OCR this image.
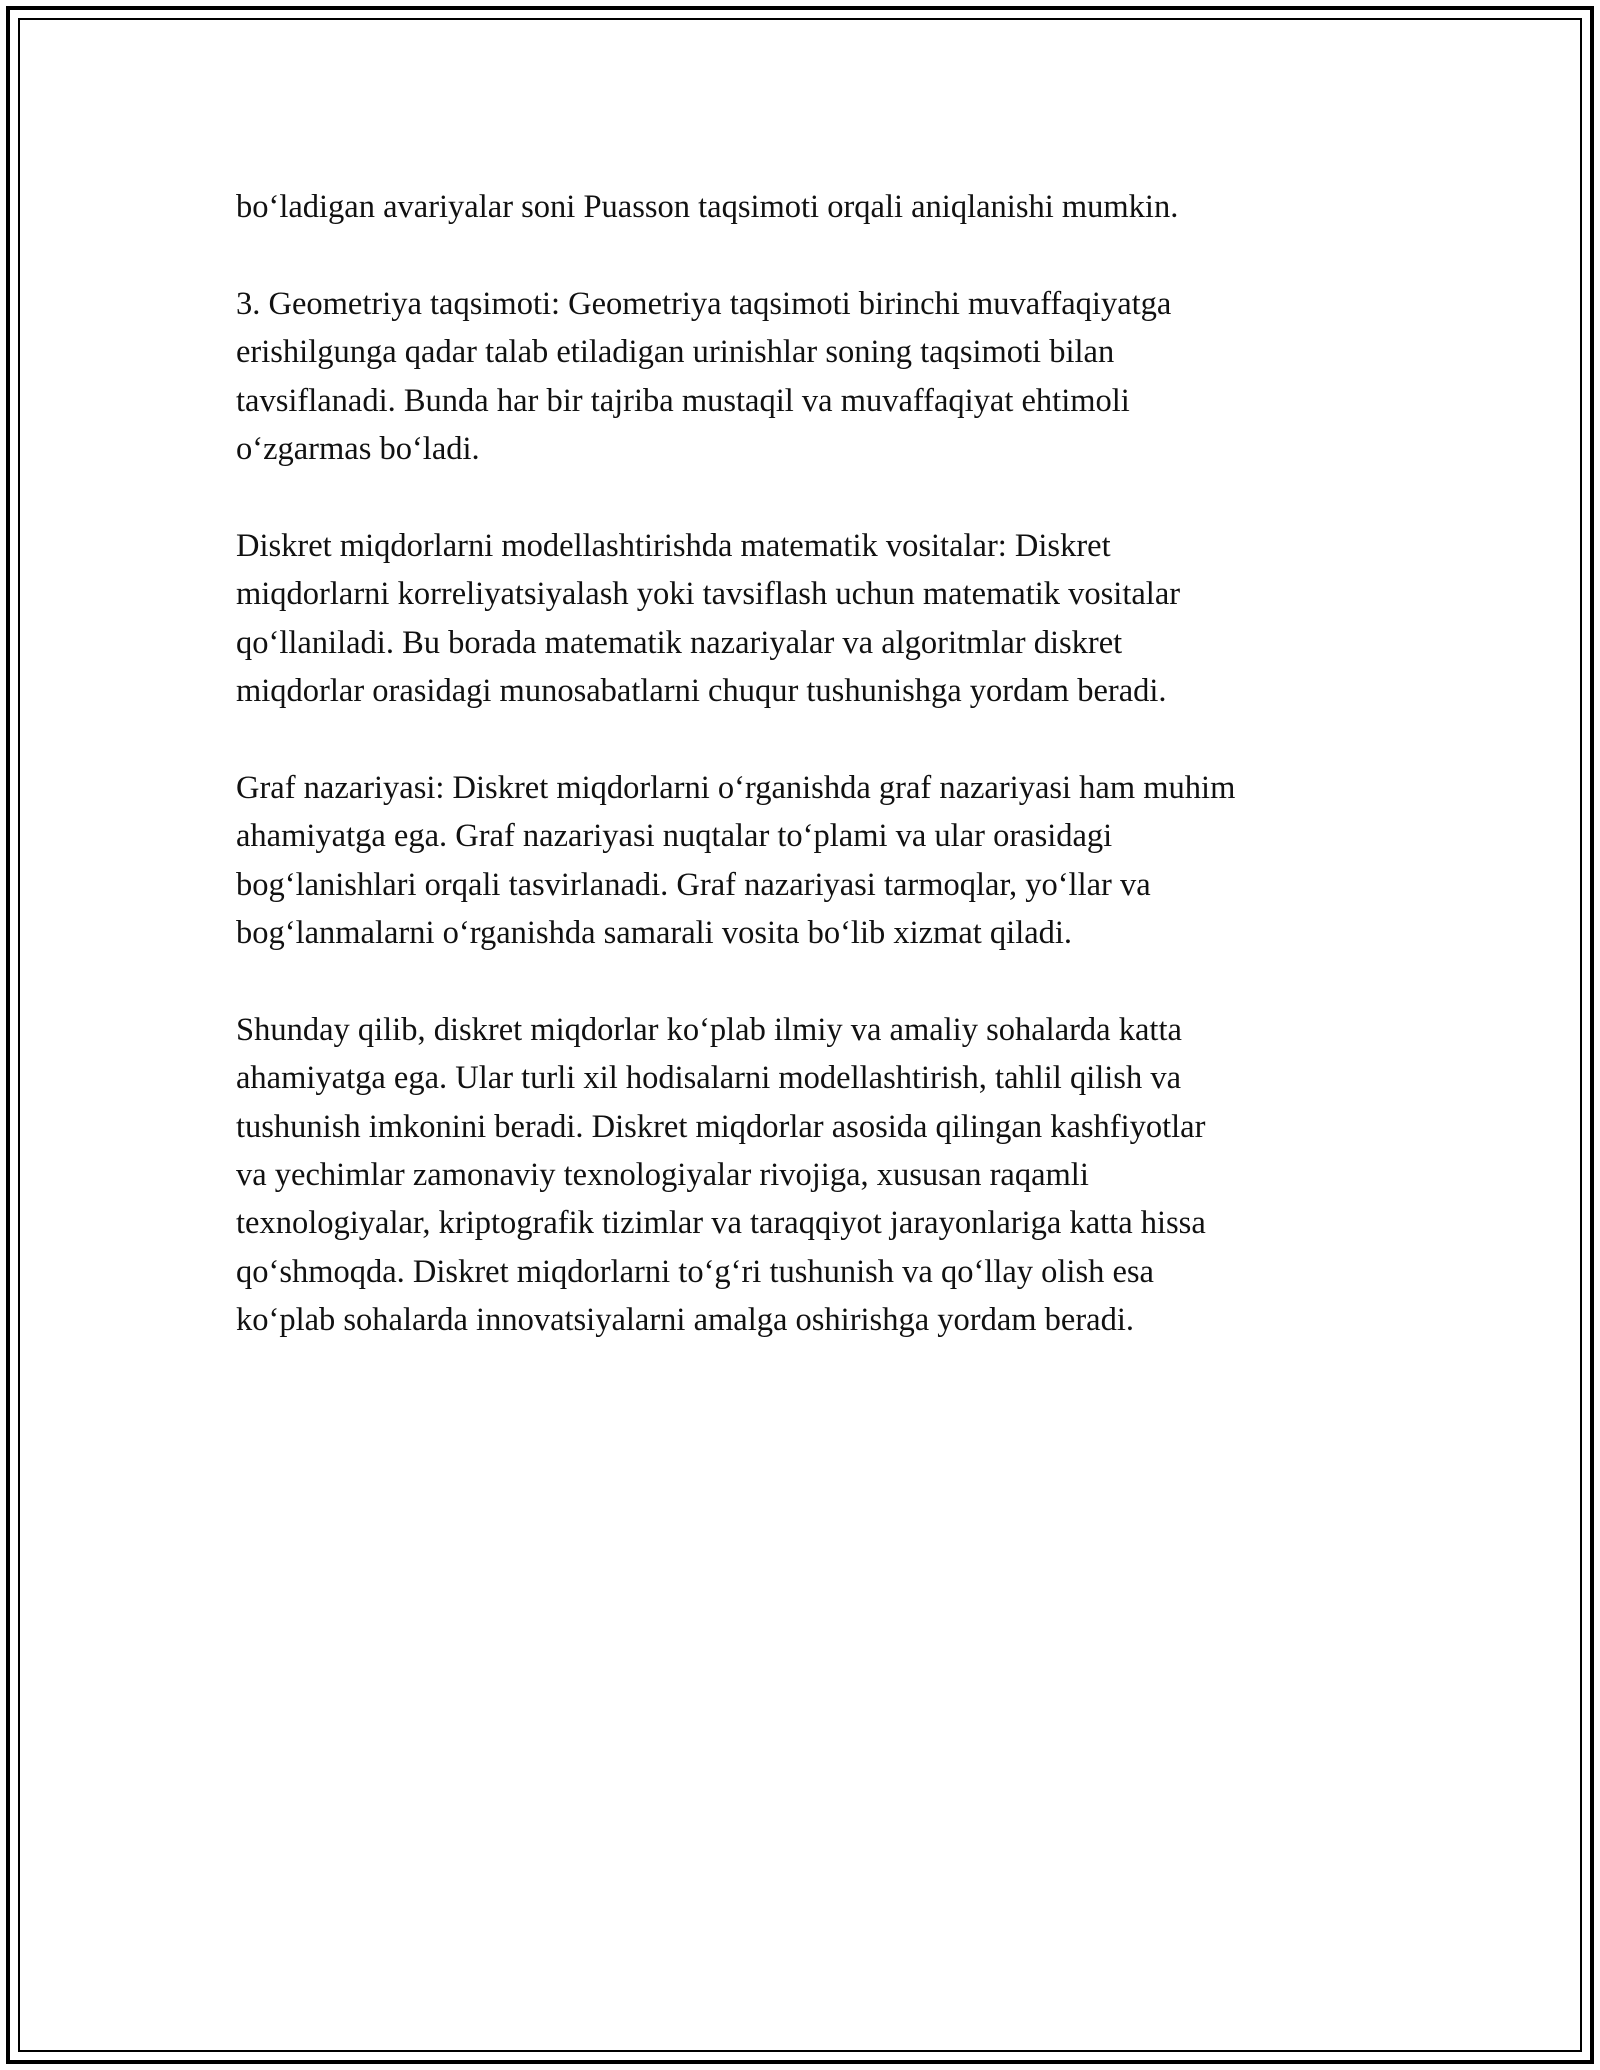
bo‘ladigan avariyalar soni Puasson taqsimoti orqali aniqlanishi mumkin.

3. Geometriya taqsimoti: Geometriya taqsimoti birinchi muvaffaqiyatga
erishilgunga qadar talab etiladigan urinishlar soning taqsimoti bilan
tavsiflanadi. Bunda har bir tajriba mustaqil va muvaffaqiyat ehtimoli
o‘zgarmas bo‘ladi.

Diskret miqdorlarni modellashtirishda matematik vositalar: Diskret
miqdorlarni korreliyatsiyalash yoki tavsiflash uchun matematik vositalar
qo‘llaniladi. Bu borada matematik nazariyalar va algoritmlar diskret
miqdorlar orasidagi munosabatlarni chuqur tushunishga yordam beradi.

Graf nazariyasi: Diskret miqdorlarni o‘rganishda graf nazariyasi ham muhim
ahamiyatga ega. Graf nazariyasi nuqtalar to‘plami va ular orasidagi
bog‘lanishlari orqali tasvirlanadi. Graf nazariyasi tarmoqlar, yo‘llar va
bog‘lanmalarni o‘rganishda samarali vosita bo‘lib xizmat qiladi.

Shunday qilib, diskret miqdorlar ko‘plab ilmiy va amaliy sohalarda katta
ahamiyatga ega. Ular turli xil hodisalarni modellashtirish, tahlil qilish va
tushunish imkonini beradi. Diskret miqdorlar asosida qilingan kashfiyotlar
va yechimlar zamonaviy texnologiyalar rivojiga, xususan raqamli
texnologiyalar, kriptografik tizimlar va taraqqiyot jarayonlariga katta hissa
qo‘shmoqda. Diskret miqdorlarni to‘g‘ri tushunish va qo‘llay olish esa
ko‘plab sohalarda innovatsiyalarni amalga oshirishga yordam beradi.
